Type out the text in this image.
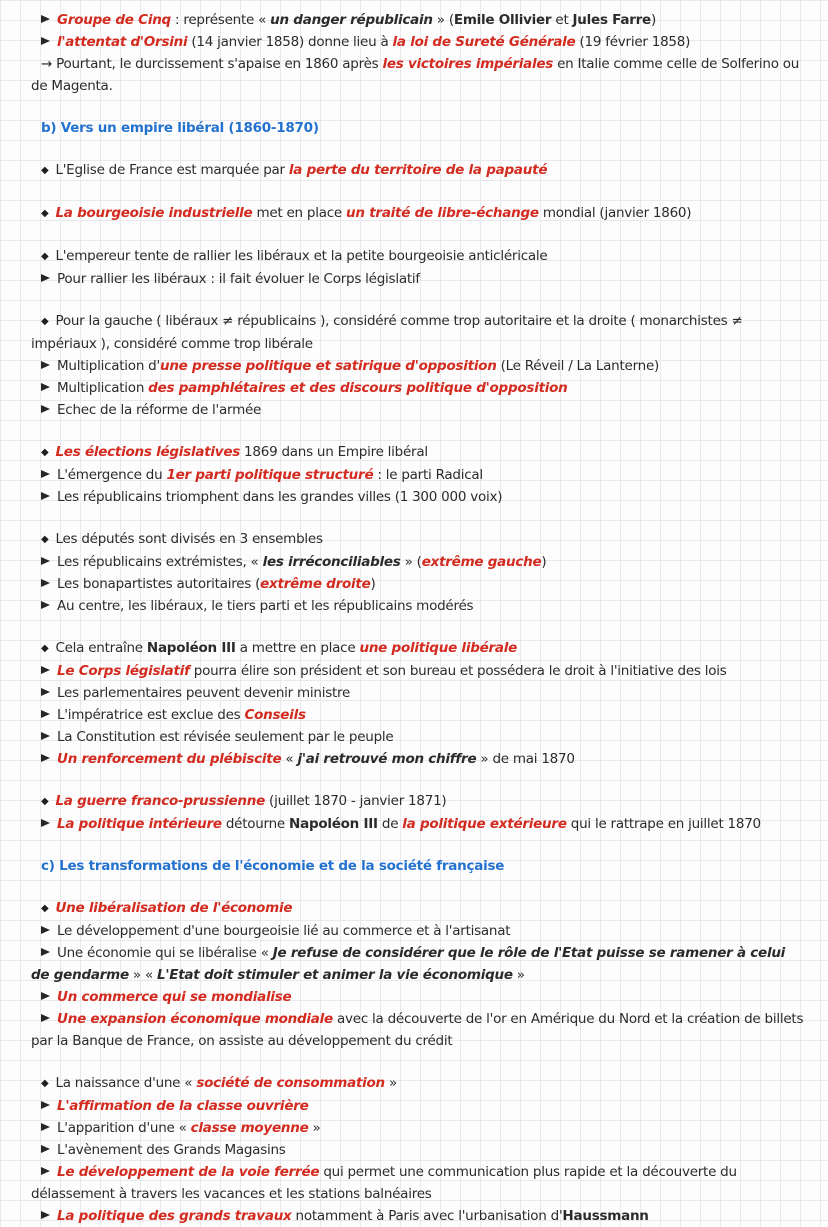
Groupe de Cinq : représente « un danger républicain » (Emile Ollivier et Jules Farre)
l'attentat d'Orsini (14 janvier 1858) donne lieu à la loi de Sureté Générale (19 février 1858)
→ Pourtant, le durcissement s'apaise en 1860 après les victoires impériales en Italie comme celle de Solferino ou de Magenta.
b) Vers un empire libéral (1860-1870)
◆ L'Eglise de France est marquée par la perte du territoire de la papauté
◆ La bourgeoisie industrielle met en place un traité de libre-échange mondial (janvier 1860)
◆ L'empereur tente de rallier les libéraux et la petite bourgeoisie anticléricale
Pour rallier les libéraux : il fait évoluer le Corps législatif
◆ Pour la gauche ( libéraux ≠ républicains ), considéré comme trop autoritaire et la droite ( monarchistes ≠ impériaux ), considéré comme trop libérale
Multiplication d'une presse politique et satirique d'opposition (Le Réveil / La Lanterne)
Multiplication des pamphlétaires et des discours politique d'opposition
Echec de la réforme de l'armée
◆ Les élections législatives 1869 dans un Empire libéral
L'émergence du 1er parti politique structuré : le parti Radical
Les républicains triomphent dans les grandes villes (1 300 000 voix)
◆ Les députés sont divisés en 3 ensembles
Les républicains extrémistes, « les irréconciliables » (extrême gauche)
Les bonapartistes autoritaires (extrême droite)
Au centre, les libéraux, le tiers parti et les républicains modérés
◆ Cela entraîne Napoléon III a mettre en place une politique libérale
Le Corps législatif pourra élire son président et son bureau et possédera le droit à l'initiative des lois
Les parlementaires peuvent devenir ministre
L'impératrice est exclue des Conseils
La Constitution est révisée seulement par le peuple
Un renforcement du plébiscite « j'ai retrouvé mon chiffre » de mai 1870
◆ La guerre franco-prussienne (juillet 1870 - janvier 1871)
La politique intérieure détourne Napoléon III de la politique extérieure qui le rattrape en juillet 1870
c) Les transformations de l'économie et de la société française
◆ Une libéralisation de l'économie
Le développement d'une bourgeoisie lié au commerce et à l'artisanat
Une économie qui se libéralise « Je refuse de considérer que le rôle de l'Etat puisse se ramener à celui de gendarme » « L'Etat doit stimuler et animer la vie économique »
Un commerce qui se mondialise
Une expansion économique mondiale avec la découverte de l'or en Amérique du Nord et la création de billets par la Banque de France, on assiste au développement du crédit
◆ La naissance d'une « société de consommation »
L'affirmation de la classe ouvrière
L'apparition d'une « classe moyenne »
L'avènement des Grands Magasins
Le développement de la voie ferrée qui permet une communication plus rapide et la découverte du délassement à travers les vacances et les stations balnéaires
La politique des grands travaux notamment à Paris avec l'urbanisation d'Haussmann
